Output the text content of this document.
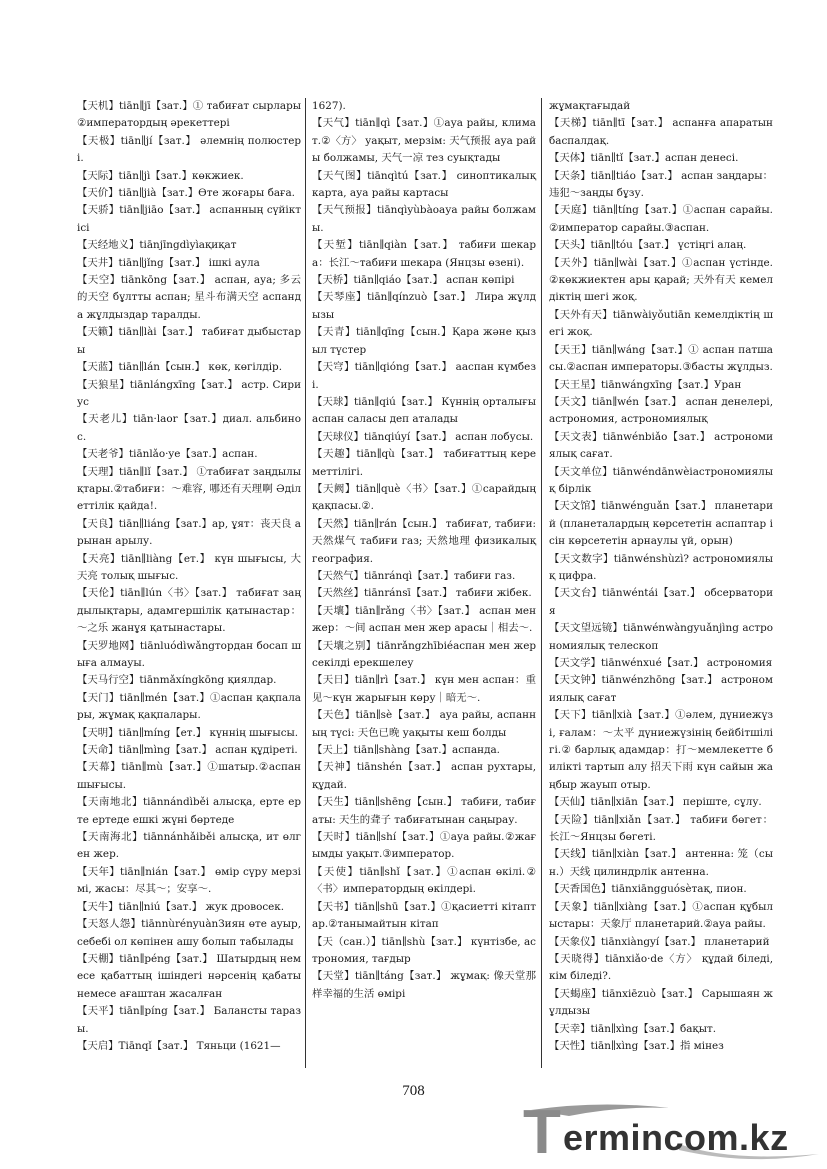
【天机】tiān∥jī【зат.】① табиғат сырлары ②императордың әрекеттері

【天极】tiān∥jí【зат.】 әлемнің полюстері.

【天际】tiān∥jì【зат.】көкжиек.

【天价】tiān∥jià【зат.】Өте жоғары баға.

【天骄】tiān∥jiāo【зат.】 аспанның сүйіктісі

【天经地义】tiānjīngdìyìақиқат

【天井】tiān∥jǐng【зат.】 ішкі аула

【天空】tiānkōng【зат.】 аспан, ауа; 多云的天空 бұлтты аспан; 星斗布满天空 аспанда жұлдыздар таралды.

【天籁】tiān∥lài【зат.】 табиғат дыбыстары

【天蓝】tiān∥lán【сын.】 көк, көгілдір.

【天狼星】tiānlángxīng【зат.】 астр. Сириус

【天老儿】tiān·laor【зат.】диал. альбинос.

【天老爷】tiānlǎo·ye【зат.】аспан.

【天理】tiān∥lǐ【зат.】 ①табиғат заңдылықтары.②табиғи：～难容, 哪还有天理啊 Әділеттілік қайда!.

【天良】tiān∥liáng【зат.】ар, ұят：丧天良 арынан арылу.

【天亮】tiān∥liàng【ет.】 күн шығысы, 大天亮 толық шығыс.

【天伦】tiān∥lún〈书〉【зат.】 табиғат заңдылықтары, адамгершілік қатынастар：～之乐 жанұя қатынастары.

【天罗地网】tiānluódìwǎngтордан босап шыға алмауы.

【天马行空】tiānmǎxíngkōng қиялдар.

【天门】tiān∥mén【зат.】①аспан қақпалары, жұмақ қақпалары.

【天明】tiān∥míng【ет.】 күннің шығысы.

【天命】tiān∥mìng【зат.】 аспан құдіреті.

【天幕】tiān∥mù【зат.】①шатыр.②аспан шығысы.

【天南地北】tiānnándìběi алысқа, ерте ерте ертеде ешкі жүні бөртеде

【天南海北】tiānnánhǎiběi алысқа, ит өлген жер.

【天年】tiān∥nián【зат.】 өмір сүру мерзімі, жасы：尽其～；安享～.

【天牛】tiān∥niú【зат.】 жук дровосек.

【天怒人怨】tiānnùrényuànЗиян өте ауыр, себебі ол көпінен ашу болып табылады

【天棚】tiān∥péng【зат.】 Шатырдың немесе қабаттың ішіндегі нәрсенің қабаты немесе ағаштан жасалған

【天平】tiān∥píng【зат.】 Балансты таразы.

【天启】Tiānqǐ【зат.】 Тяньци (1621—

1627).

【天气】tiān∥qì【зат.】①ауа райы, климат.②〈方〉 уақыт, мерзім: 天气预报 ауа райы болжамы, 天气一凉 тез суықтады

【天气图】tiānqìtú【зат.】 синоптикалық карта, ауа райы картасы

【天气预报】tiānqìyùbàoауа райы болжамы.

【天堑】tiān∥qiàn【зат.】 табиғи шекара：长江～табиғи шекара (Янцзы өзені).

【天桥】tiān∥qiáo【зат.】 аспан көпірі

【天琴座】tiān∥qínzuò【зат.】 Лира жұлдызы

【天青】tiān∥qīng【сын.】Қара және қызыл түстер

【天穹】tiān∥qióng【зат.】 ааспан күмбезі.

【天球】tiān∥qiú【зат.】 Күннің орталығы аспан саласы деп аталады

【天球仪】tiānqiúyí【зат.】 аспан лобусы.

【天趣】tiān∥qù【зат.】 табиғаттың кереметтілігі.

【天阙】tiān∥què〈书〉【зат.】①сарайдың қақпасы.②.

【天然】tiān∥rán【сын.】 табиғат, табиғи: 天然煤气 табиғи газ; 天然地理 физикалық география.

【天然气】tiānránqì【зат.】табиғи газ.

【天然丝】tiānránsī【зат.】 табиғи жібек.

【天壤】tiān∥rǎng〈书〉【зат.】 аспан мен жер：～间 аспан мен жер арасы｜相去～.

【天壤之别】tiānrǎngzhībiéаспан мен жер секілді ерекшелеу

【天日】tiān∥rì【зат.】 күн мен аспан：重见～күн жарығын көру｜暗无～.

【天色】tiān∥sè【зат.】 ауа райы, аспанның түсі: 天色已晚 уақыты кеш болды

【天上】tiān∥shàng【зат.】аспанда.

【天神】tiānshén【зат.】 аспан рухтары, құдай.

【天生】tiān∥shēng【сын.】 табиғи, табиғаты: 天生的聋子 табиғатынан саңырау.

【天时】tiān∥shí【зат.】①ауа райы.②жағымды уақыт.③император.

【天使】tiān∥shǐ【зат.】①аспан өкілі.②〈书〉императордың өкілдері.

【天书】tiān∥shū【зат.】①қасиетті кітаптар.②танымайтын кітап

【天（сан.）】tiān∥shù【зат.】 күнтізбе, астрономия, тағдыр

【天堂】tiān∥táng【зат.】 жұмақ: 像天堂那样幸福的生活 өмірі

жұмақтағыдай

【天梯】tiān∥tī【зат.】 аспанға апаратын баспалдақ.

【天体】tiān∥tǐ【зат.】аспан денесі.

【天条】tiān∥tiáo【зат.】 аспан заңдары：违犯～заңды бұзу.

【天庭】tiān∥tíng【зат.】①аспан сарайы.②император сарайы.③аспан.

【天头】tiān∥tóu【зат.】 үстіңгі алаң.

【天外】tiān∥wài【зат.】①аспан үстінде.②көкжиектен ары қарай; 天外有天 кемелдіктің шегі жоқ.

【天外有天】tiānwàiyǒutiān кемелдіктің шегі жоқ.

【天王】tiān∥wáng【зат.】① аспан патшасы.②аспан императоры.③басты жұлдыз.

【天王星】tiānwángxīng【зат.】Уран

【天文】tiān∥wén【зат.】 аспан денелері, астрономия, астрономиялық

【天文表】tiānwénbiǎo【зат.】 астрономиялық сағат.

【天文单位】tiānwéndānwèiастрономиялық бірлік

【天文馆】tiānwénguǎn【зат.】 планетарий (планеталардың көрсететін аспаптар ісін көрсететін арнаулы үй, орын)

【天文数字】tiānwénshùzì? астрономиялық цифра.

【天文台】tiānwéntái【зат.】 обсерватория

【天文望远镜】tiānwénwàngyuǎnjìng астрономиялық телескоп

【天文学】tiānwénxué【зат.】 астрономия

【天文钟】tiānwénzhōng【зат.】 астрономиялық сағат

【天下】tiān∥xià【зат.】①әлем, дүниежүзі, ғалам：～太平 дүниежүзінің бейбітшілігі.② барлық адамдар：打～мемлекетте билікті тартып алу 招天下雨 күн сайын жаңбыр жауып отыр.

【天仙】tiān∥xiān【зат.】 періште, сұлу.

【天险】tiān∥xiǎn【зат.】 табиғи бөгет：长江～Янцзы бөгеті.

【天线】tiān∥xiàn【зат.】 антенна: 笼（сын.）天线 цилиндрлік антенна.

【天香国色】tiānxiāngguósèтақ, пион.

【天象】tiān∥xiàng【зат.】①аспан құбылыстары：天象厅 планетарий.②ауа райы.

【天象仪】tiānxiàngyí【зат.】 планетарий

【天晓得】tiānxiǎo·de〈方〉 құдай біледі, кім біледі?.

【天蝎座】tiānxiēzuò【зат.】 Сарышаян жұлдызы

【天幸】tiān∥xìng【зат.】бақыт.

【天性】tiān∥xìng【зат.】指 мінез

708
T ermincom.kz
